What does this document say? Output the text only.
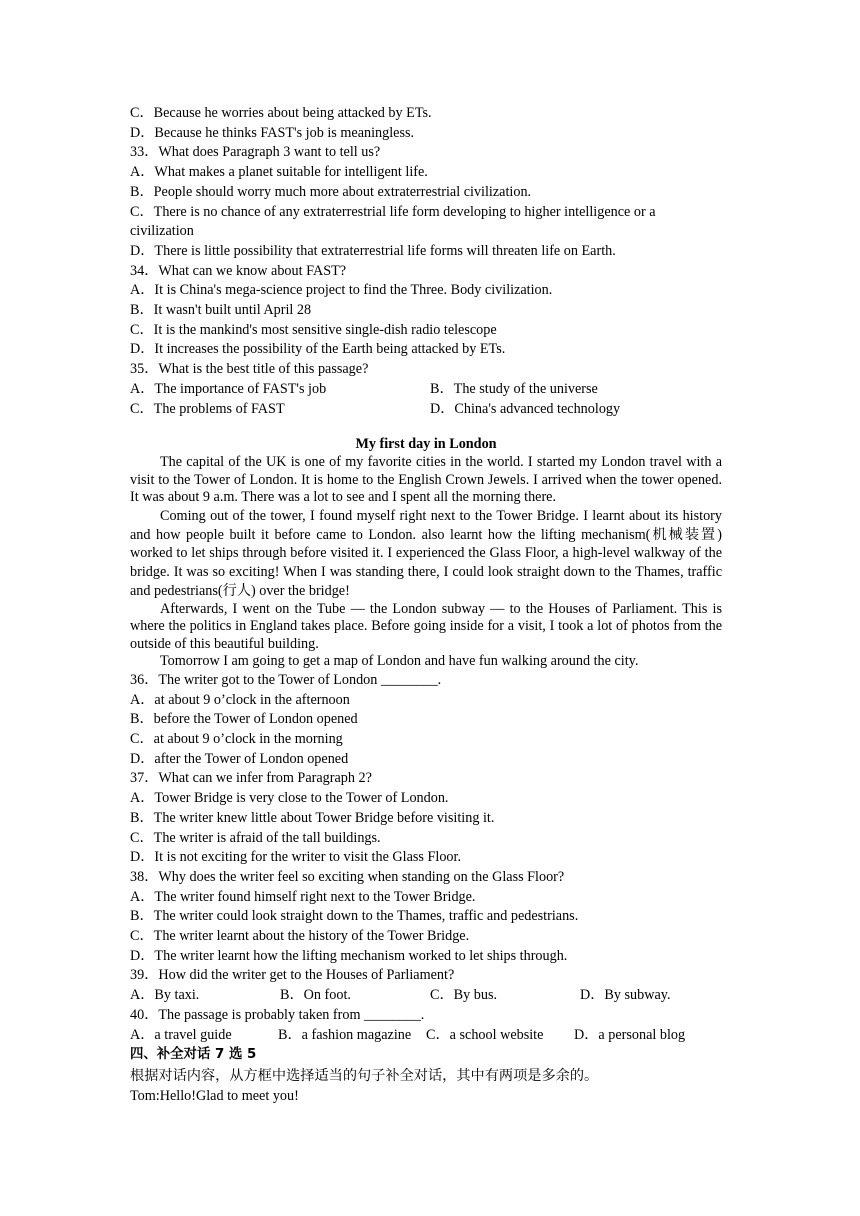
C．Because he worries about being attacked by ETs.
D．Because he thinks FAST's job is meaningless.
33．What does Paragraph 3 want to tell us?
A．What makes a planet suitable for intelligent life.
B．People should worry much more about extraterrestrial civilization.
C．There is no chance of any extraterrestrial life form developing to higher intelligence or a civilization
D．There is little possibility that extraterrestrial life forms will threaten life on Earth.
34．What can we know about FAST?
A．It is China's mega-science project to find the Three. Body civilization.
B．It wasn't built until April 28
C．It is the mankind's most sensitive single-dish radio telescope
D．It increases the possibility of the Earth being attacked by ETs.
35．What is the best title of this passage?
A．The importance of FAST's job	B．The study of the universe
C．The problems of FAST	D．China's advanced technology
My first day in London
The capital of the UK is one of my favorite cities in the world. I started my London travel with a visit to the Tower of London. It is home to the English Crown Jewels. I arrived when the tower opened. It was about 9 a.m. There was a lot to see and I spent all the morning there.
Coming out of the tower, I found myself right next to the Tower Bridge. I learnt about its history and how people built it before came to London. also learnt how the lifting mechanism(机械装置) worked to let ships through before visited it. I experienced the Glass Floor, a high-level walkway of the bridge. It was so exciting! When I was standing there, I could look straight down to the Thames, traffic and pedestrians(行人) over the bridge!
Afterwards, I went on the Tube — the London subway — to the Houses of Parliament. This is where the politics in England takes place. Before going inside for a visit, I took a lot of photos from the outside of this beautiful building.
Tomorrow I am going to get a map of London and have fun walking around the city.
36．The writer got to the Tower of London ________.
A．at about 9 o’clock in the afternoon
B．before the Tower of London opened
C．at about 9 o’clock in the morning
D．after the Tower of London opened
37．What can we infer from Paragraph 2?
A．Tower Bridge is very close to the Tower of London.
B．The writer knew little about Tower Bridge before visiting it.
C．The writer is afraid of the tall buildings.
D．It is not exciting for the writer to visit the Glass Floor.
38．Why does the writer feel so exciting when standing on the Glass Floor?
A．The writer found himself right next to the Tower Bridge.
B．The writer could look straight down to the Thames, traffic and pedestrians.
C．The writer learnt about the history of the Tower Bridge.
D．The writer learnt how the lifting mechanism worked to let ships through.
39．How did the writer get to the Houses of Parliament?
A．By taxi.	B．On foot.	C．By bus.	D．By subway.
40．The passage is probably taken from ________.
A．a travel guide	B．a fashion magazine	C．a school website	D．a personal blog
四、补全对话 7 选 5
根据对话内容，从方框中选择适当的句子补全对话，其中有两项是多余的。
Tom:Hello!Glad to meet you!
